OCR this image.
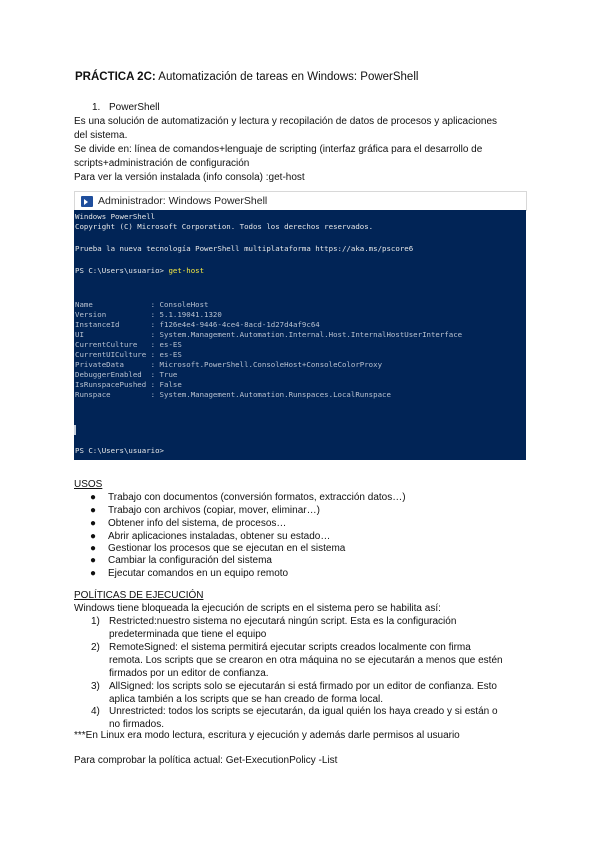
PRÁCTICA 2C: Automatización de tareas en Windows: PowerShell
1. PowerShell
Es una solución de automatización y lectura y recopilación de datos de procesos y aplicaciones
del sistema.
Se divide en: línea de comandos+lenguaje de scripting (interfaz gráfica para el desarrollo de
scripts+administración de configuración
Para ver la versión instalada (info consola) :get-host
Administrador: Windows PowerShell
Windows PowerShell
Copyright (C) Microsoft Corporation. Todos los derechos reservados.
Prueba la nueva tecnología PowerShell multiplataforma https://aka.ms/pscore6
PS C:\Users\usuario> get-host
Name             : ConsoleHost
Version          : 5.1.19041.1320
InstanceId       : f126e4e4-9446-4ce4-8acd-1d27d4af9c64
UI               : System.Management.Automation.Internal.Host.InternalHostUserInterface
CurrentCulture   : es-ES
CurrentUICulture : es-ES
PrivateData      : Microsoft.PowerShell.ConsoleHost+ConsoleColorProxy
DebuggerEnabled  : True
IsRunspacePushed : False
Runspace         : System.Management.Automation.Runspaces.LocalRunspace
PS C:\Users\usuario>
USOS
● Trabajo con documentos (conversión formatos, extracción datos…)
● Trabajo con archivos (copiar, mover, eliminar…)
● Obtener info del sistema, de procesos…
● Abrir aplicaciones instaladas, obtener su estado…
● Gestionar los procesos que se ejecutan en el sistema
● Cambiar la configuración del sistema
● Ejecutar comandos en un equipo remoto
POLÍTICAS DE EJECUCIÓN
Windows tiene bloqueada la ejecución de scripts en el sistema pero se habilita así:
1) Restricted:nuestro sistema no ejecutará ningún script. Esta es la configuración
predeterminada que tiene el equipo
2) RemoteSigned: el sistema permitirá ejecutar scripts creados localmente con firma
remota. Los scripts que se crearon en otra máquina no se ejecutarán a menos que estén
firmados por un editor de confianza.
3) AllSigned: los scripts solo se ejecutarán si está firmado por un editor de confianza. Esto
aplica también a los scripts que se han creado de forma local.
4) Unrestricted: todos los scripts se ejecutarán, da igual quién los haya creado y si están o
no firmados.
***En Linux era modo lectura, escritura y ejecución y además darle permisos al usuario
Para comprobar la política actual: Get-ExecutionPolicy -List
